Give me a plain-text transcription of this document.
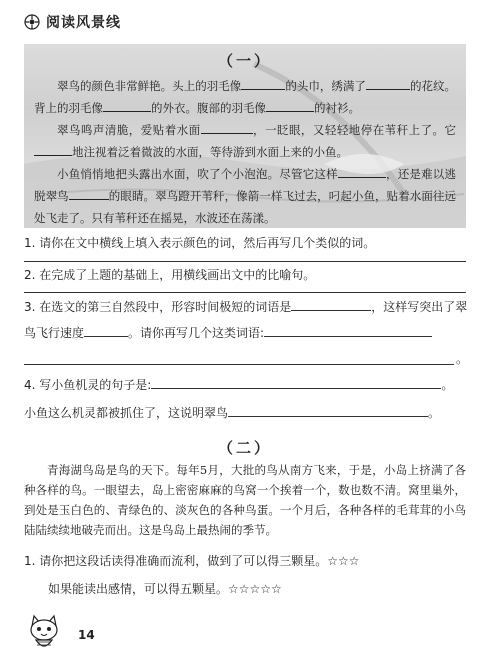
阅读风景线
（一）

翠鸟的颜色非常鲜艳。头上的羽毛像	的头巾，绣满了	的花纹。背上的羽毛像	的外衣。腹部的羽毛像	的衬衫。

翠鸟鸣声清脆，爱贴着水面	，一眨眼，又轻轻地停在苇秆上了。它地注视着泛着微波的水面，等待游到水面上来的小鱼。

小鱼悄悄地把头露出水面，吹了个小泡泡。尽管它这样	，还是难以逃脱翠鸟	的眼睛。翠鸟蹬开苇秆，像箭一样飞过去，叼起小鱼，贴着水面往远处飞走了。只有苇秆还在摇晃，水波还在荡漾。

1. 请你在文中横线上填入表示颜色的词，然后再写几个类似的词。
2. 在完成了上题的基础上，用横线画出文中的比喻句。
3. 在选文的第三自然段中，形容时间极短的词语是	，这样写突出了翠
鸟飞行速度	。请你再写几个这类词语:
。
4. 写小鱼机灵的句子是:	。
小鱼这么机灵都被抓住了，这说明翠鸟	。
（二）

青海湖鸟岛是鸟的天下。每年5月，大批的鸟从南方飞来，于是，小岛上挤满了各种各样的鸟。一眼望去，岛上密密麻麻的鸟窝一个挨着一个，数也数不清。窝里巢外，到处是玉白色的、青绿色的、淡灰色的各种鸟蛋。一个月后，各种各样的毛茸茸的小鸟陆陆续续地破壳而出。这是鸟岛上最热闹的季节。

1. 请你把这段话读得准确而流利，做到了可以得三颗星。☆☆☆
如果能读出感情，可以得五颗星。☆☆☆☆☆
14
